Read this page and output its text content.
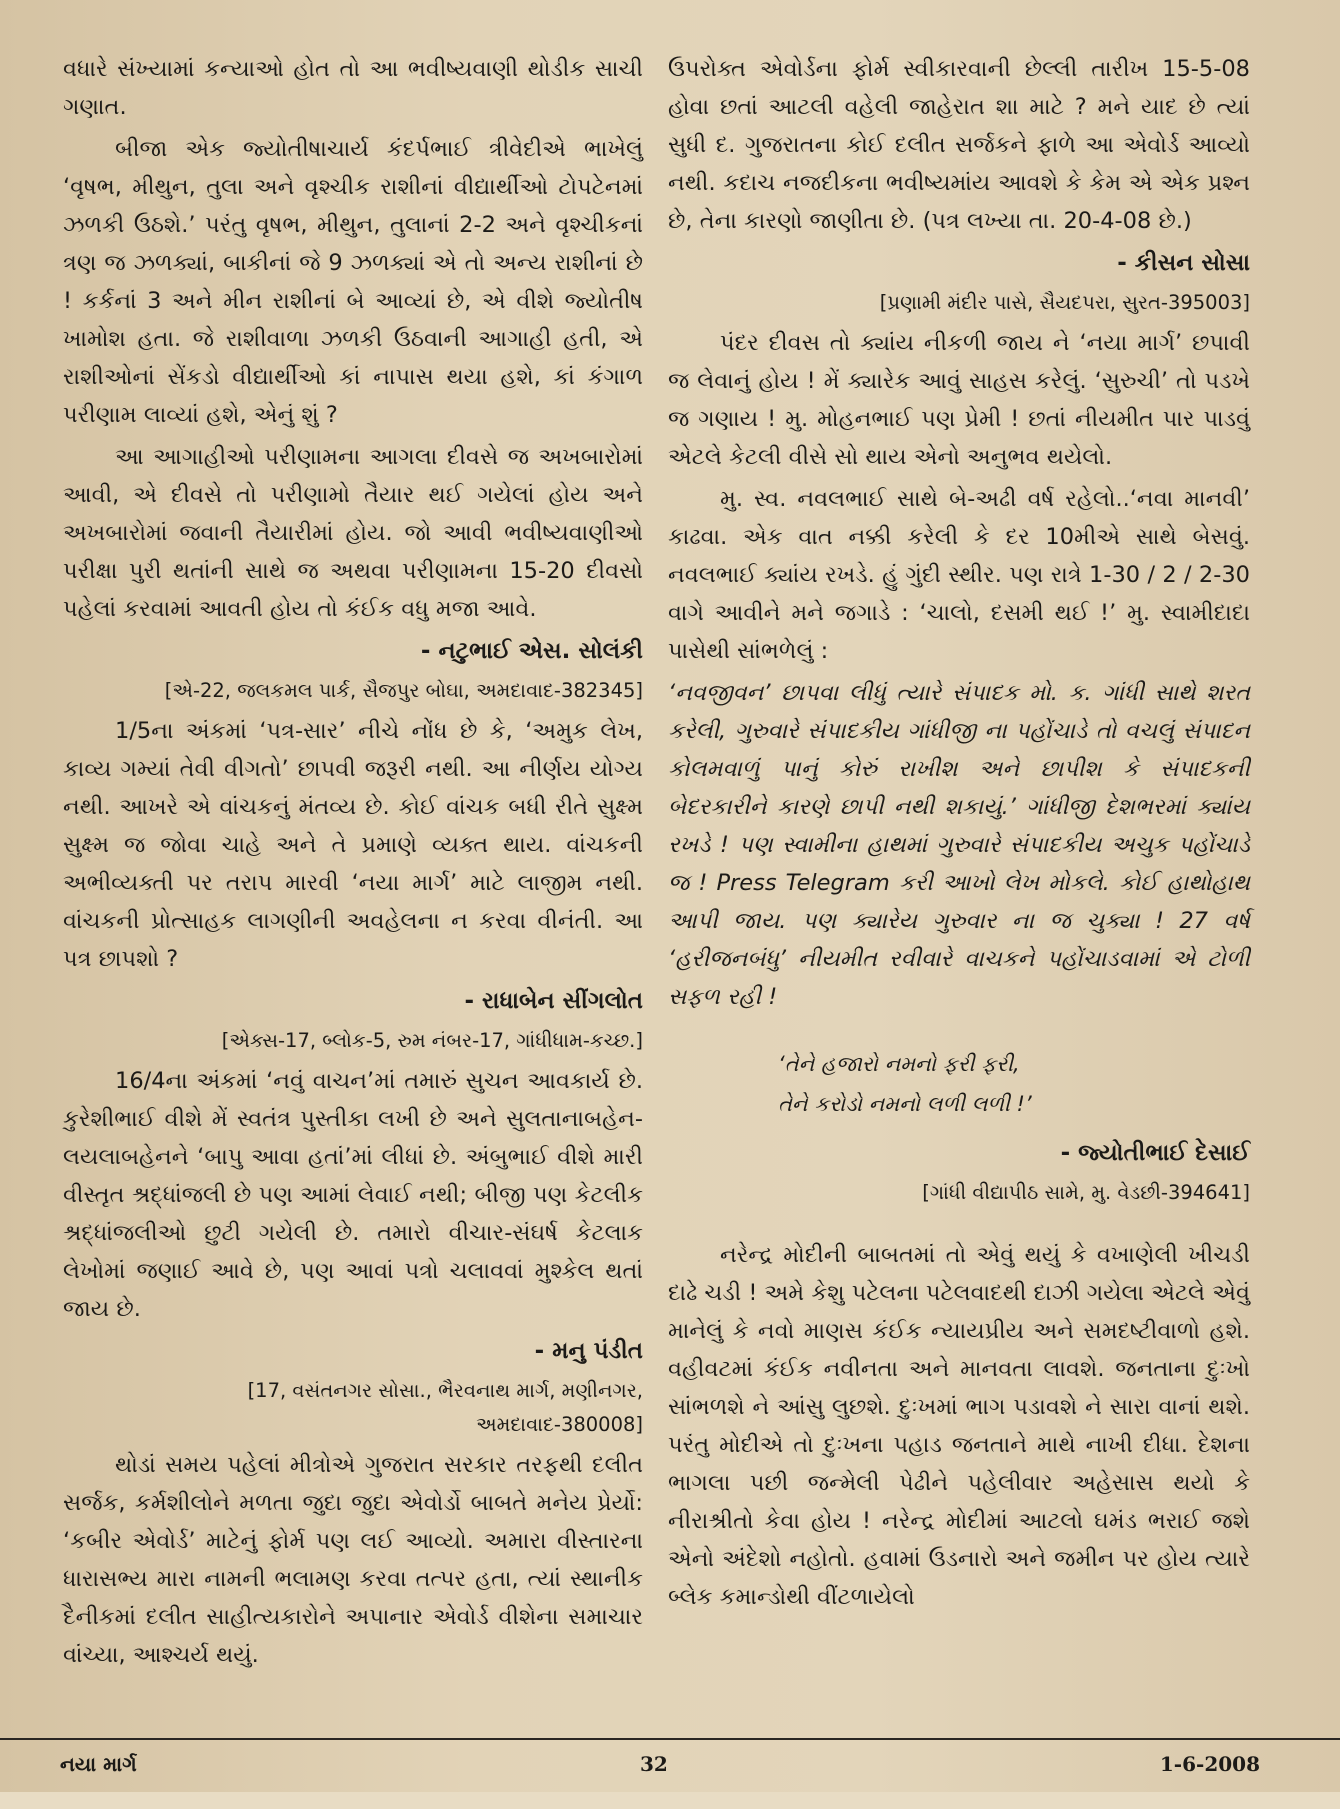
વધારે સંખ્યામાં કન્યાઓ હોત તો આ ભવીષ્યવાણી થોડીક સાચી ગણાત.

બીજા એક જ્યોતીષાચાર્ય કંદર્પભાઈ ત્રીવેદીએ ભાખેલું ‘વૃષભ, મીથુન, તુલા અને વૃશ્ચીક રાશીનાં વીદ્યાર્થીઓ ટોપટેનમાં ઝળકી ઉઠશે.’ પરંતુ વૃષભ, મીથુન, તુલાનાં 2-2 અને વૃશ્ચીકનાં ત્રણ જ ઝળક્યાં, બાકીનાં જે 9 ઝળક્યાં એ તો અન્ય રાશીનાં છે ! કર્કનાં 3 અને મીન રાશીનાં બે આવ્યાં છે, એ વીશે જ્યોતીષ ખામોશ હતા. જે રાશીવાળા ઝળકી ઉઠવાની આગાહી હતી, એ રાશીઓનાં સેંકડો વીદ્યાર્થીઓ કાં નાપાસ થયા હશે, કાં કંગાળ પરીણામ લાવ્યાં હશે, એનું શું ?

આ આગાહીઓ પરીણામના આગલા દીવસે જ અખબારોમાં આવી, એ દીવસે તો પરીણામો તૈયાર થઈ ગયેલાં હોય અને અખબારોમાં જવાની તૈયારીમાં હોય. જો આવી ભવીષ્યવાણીઓ પરીક્ષા પુરી થતાંની સાથે જ અથવા પરીણામના 15-20 દીવસો પહેલાં કરવામાં આવતી હોય તો કંઈક વધુ મજા આવે.

- નટુભાઈ એસ. સોલંકી
[એ-22, જલકમલ પાર્ક, સૈજપુર બોઘા, અમદાવાદ-382345]

1/5ના અંકમાં ‘પત્ર-સાર’ નીચે નોંધ છે કે, ‘અમુક લેખ, કાવ્ય ગમ્યાં તેવી વીગતો’ છાપવી જરૂરી નથી. આ નીર્ણય યોગ્ય નથી. આખરે એ વાંચકનું મંતવ્ય છે. કોઈ વાંચક બધી રીતે સુક્ષ્મ સુક્ષ્મ જ જોવા ચાહે અને તે પ્રમાણે વ્યક્ત થાય. વાંચકની અભીવ્યક્તી પર તરાપ મારવી ‘નયા માર્ગ’ માટે લાજીમ નથી. વાંચકની પ્રોત્સાહક લાગણીની અવહેલના ન કરવા વીનંતી. આ પત્ર છાપશો ?

- રાધાબેન સીંગલોત
[એક્સ-17, બ્લોક-5, રુમ નંબર-17, ગાંધીધામ-કચ્છ.]

16/4ના અંકમાં ‘નવું વાચન’માં તમારું સુચન આવકાર્ય છે. કુરેશીભાઈ વીશે મેં સ્વતંત્ર પુસ્તીકા લખી છે અને સુલતાનાબહેન-લયલાબહેનને ‘બાપુ આવા હતાં’માં લીધાં છે. અંબુભાઈ વીશે મારી વીસ્તૃત શ્રદ્ધાંજલી છે પણ આમાં લેવાઈ નથી; બીજી પણ કેટલીક શ્રદ્ધાંજલીઓ છુટી ગયેલી છે. તમારો વીચાર-સંઘર્ષ કેટલાક લેખોમાં જણાઈ આવે છે, પણ આવાં પત્રો ચલાવવાં મુશ્કેલ થતાં જાય છે.

- મનુ પંડીત
[17, વસંતનગર સોસા., ભૈરવનાથ માર્ગ, મણીનગર,
અમદાવાદ-380008]

થોડાં સમય પહેલાં મીત્રોએ ગુજરાત સરકાર તરફથી દલીત સર્જક, કર્મશીલોને મળતા જુદા જુદા એવોર્ડો બાબતે મનેય પ્રેર્યો: ‘કબીર એવોર્ડ’ માટેનું ફોર્મ પણ લઈ આવ્યો. અમારા વીસ્તારના ધારાસભ્ય મારા નામની ભલામણ કરવા તત્પર હતા, ત્યાં સ્થાનીક દૈનીકમાં દલીત સાહીત્યકારોને અપાનાર એવોર્ડ વીશેના સમાચાર વાંચ્યા, આશ્ચર્ય થયું.

ઉપરોક્ત એવોર્ડના ફોર્મ સ્વીકારવાની છેલ્લી તારીખ 15-5-08 હોવા છતાં આટલી વહેલી જાહેરાત શા માટે ? મને યાદ છે ત્યાં સુધી દ. ગુજરાતના કોઈ દલીત સર્જકને ફાળે આ એવોર્ડ આવ્યો નથી. કદાચ નજદીકના ભવીષ્યમાંય આવશે કે કેમ એ એક પ્રશ્ન છે, તેના કારણો જાણીતા છે. (પત્ર લખ્યા તા. 20-4-08 છે.)

- કીસન સોસા
[પ્રણામી મંદીર પાસે, સૈયદપરા, સુરત-395003]

પંદર દીવસ તો ક્યાંય નીકળી જાય ને ‘નયા માર્ગ’ છપાવી જ લેવાનું હોય ! મેં ક્યારેક આવું સાહસ કરેલું. ‘સુરુચી’ તો પડખે જ ગણાય ! મુ. મોહનભાઈ પણ પ્રેમી ! છતાં નીયમીત પાર પાડવું એટલે કેટલી વીસે સો થાય એનો અનુભવ થયેલો.

મુ. સ્વ. નવલભાઈ સાથે બે-અઢી વર્ષ રહેલો..‘નવા માનવી’ કાઢવા. એક વાત નક્કી કરેલી કે દર 10મીએ સાથે બેસવું. નવલભાઈ ક્યાંય રખડે. હું ગુંદી સ્થીર. પણ રાત્રે 1-30 / 2 / 2-30 વાગે આવીને મને જગાડે : ‘ચાલો, દસમી થઈ !’ મુ. સ્વામીદાદા પાસેથી સાંભળેલું :

‘નવજીવન’ છાપવા લીધું ત્યારે સંપાદક મો. ક. ગાંધી સાથે શરત કરેલી, ગુરુવારે સંપાદકીય ગાંધીજી ના પહોંચાડે તો વચલું સંપાદન કોલમવાળું પાનું કોરું રાખીશ અને છાપીશ કે સંપાદકની બેદરકારીને કારણે છાપી નથી શકાયું.’ ગાંધીજી દેશભરમાં ક્યાંય રખડે ! પણ સ્વામીના હાથમાં ગુરુવારે સંપાદકીય અચુક પહોંચાડે જ ! Press Telegram કરી આખો લેખ મોકલે. કોઈ હાથોહાથ આપી જાય. પણ ક્યારેય ગુરુવાર ના જ ચુક્યા ! 27 વર્ષ ‘હરીજનબંધુ’ નીયમીત રવીવારે વાચકને પહોંચાડવામાં એ ટોળી સફળ રહી !

‘તેને હજારો નમનો ફરી ફરી,
તેને કરોડો નમનો લળી લળી !’
- જ્યોતીભાઈ દેસાઈ
[ગાંધી વીદ્યાપીઠ સામે, મુ. વેડછી-394641]

નરેન્દ્ર મોદીની બાબતમાં તો એવું થયું કે વખાણેલી ખીચડી દાઢે ચડી ! અમે કેશુ પટેલના પટેલવાદથી દાઝી ગયેલા એટલે એવું માનેલું કે નવો માણસ કંઈક ન્યાયપ્રીય અને સમદષ્ટીવાળો હશે. વહીવટમાં કંઈક નવીનતા અને માનવતા લાવશે. જનતાના દુઃખો સાંભળશે ને આંસુ લુછશે. દુઃખમાં ભાગ પડાવશે ને સારા વાનાં થશે. પરંતુ મોદીએ તો દુઃખના પહાડ જનતાને માથે નાખી દીધા. દેશના ભાગલા પછી જન્મેલી પેઢીને પહેલીવાર અહેસાસ થયો કે નીરાશ્રીતો કેવા હોય ! નરેન્દ્ર મોદીમાં આટલો ઘમંડ ભરાઈ જશે એનો અંદેશો નહોતો. હવામાં ઉડનારો અને જમીન પર હોય ત્યારે બ્લેક કમાન્ડોથી વીંટળાયેલો

નયા માર્ગ	32	1-6-2008
